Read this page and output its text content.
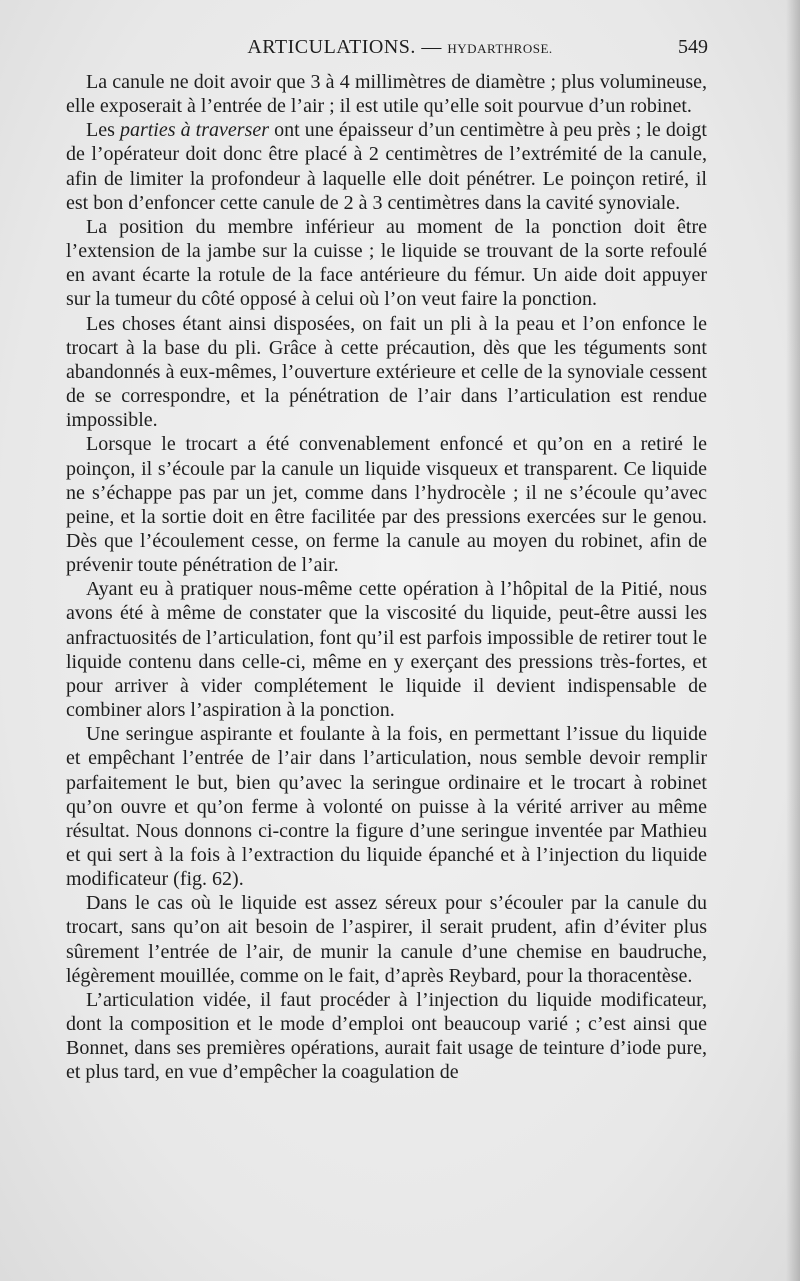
ARTICULATIONS. — HYDARTHROSE.	549

La canule ne doit avoir que 3 à 4 millimètres de diamètre ; plus volumineuse, elle exposerait à l’entrée de l’air ; il est utile qu’elle soit pourvue d’un robinet.

Les parties à traverser ont une épaisseur d’un centimètre à peu près ; le doigt de l’opérateur doit donc être placé à 2 centimètres de l’extrémité de la canule, afin de limiter la profondeur à laquelle elle doit pénétrer. Le poinçon retiré, il est bon d’enfoncer cette canule de 2 à 3 centimètres dans la cavité synoviale.

La position du membre inférieur au moment de la ponction doit être l’extension de la jambe sur la cuisse ; le liquide se trouvant de la sorte refoulé en avant écarte la rotule de la face antérieure du fémur. Un aide doit appuyer sur la tumeur du côté opposé à celui où l’on veut faire la ponction.

Les choses étant ainsi disposées, on fait un pli à la peau et l’on enfonce le trocart à la base du pli. Grâce à cette précaution, dès que les téguments sont abandonnés à eux-mêmes, l’ouverture extérieure et celle de la synoviale cessent de se correspondre, et la pénétration de l’air dans l’articulation est rendue impossible.

Lorsque le trocart a été convenablement enfoncé et qu’on en a retiré le poinçon, il s’écoule par la canule un liquide visqueux et transparent. Ce liquide ne s’échappe pas par un jet, comme dans l’hydrocèle ; il ne s’écoule qu’avec peine, et la sortie doit en être facilitée par des pressions exercées sur le genou. Dès que l’écoulement cesse, on ferme la canule au moyen du robinet, afin de prévenir toute pénétration de l’air.

Ayant eu à pratiquer nous-même cette opération à l’hôpital de la Pitié, nous avons été à même de constater que la viscosité du liquide, peut-être aussi les anfractuosités de l’articulation, font qu’il est parfois impossible de retirer tout le liquide contenu dans celle-ci, même en y exerçant des pressions très-fortes, et pour arriver à vider complétement le liquide il devient indispensable de combiner alors l’aspiration à la ponction.

Une seringue aspirante et foulante à la fois, en permettant l’issue du liquide et empêchant l’entrée de l’air dans l’articulation, nous semble devoir remplir parfaitement le but, bien qu’avec la seringue ordinaire et le trocart à robinet qu’on ouvre et qu’on ferme à volonté on puisse à la vérité arriver au même résultat. Nous donnons ci-contre la figure d’une seringue inventée par Mathieu et qui sert à la fois à l’extraction du liquide épanché et à l’injection du liquide modificateur (fig. 62).

Dans le cas où le liquide est assez séreux pour s’écouler par la canule du trocart, sans qu’on ait besoin de l’aspirer, il serait prudent, afin d’éviter plus sûrement l’entrée de l’air, de munir la canule d’une chemise en baudruche, légèrement mouillée, comme on le fait, d’après Reybard, pour la thoracentèse.

L’articulation vidée, il faut procéder à l’injection du liquide modificateur, dont la composition et le mode d’emploi ont beaucoup varié ; c’est ainsi que Bonnet, dans ses premières opérations, aurait fait usage de teinture d’iode pure, et plus tard, en vue d’empêcher la coagulation de
